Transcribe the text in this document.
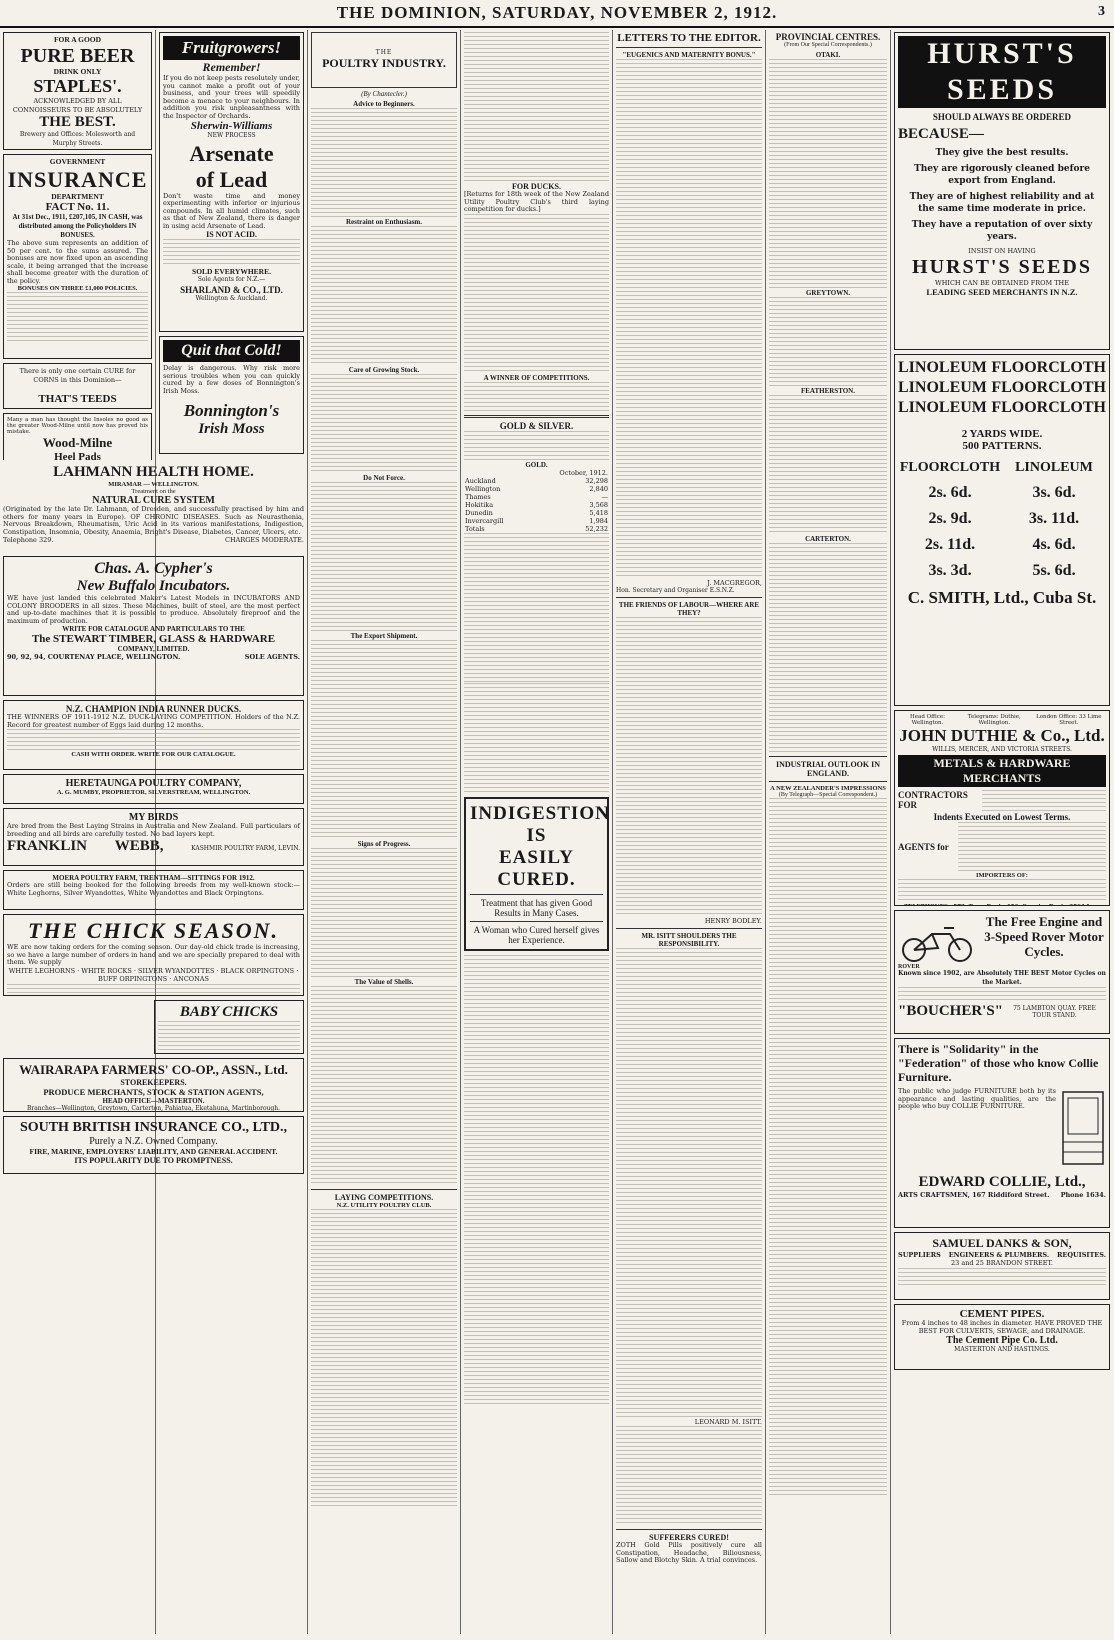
THE DOMINION, SATURDAY, NOVEMBER 2, 1912.	3
FOR A GOOD
PURE BEER
DRINK ONLY
STAPLES'.
ACKNOWLEDGED BY ALL CONNOISSEURS TO BE ABSOLUTELY
THE BEST.
Brewery and Offices: Molesworth and Murphy Streets.
GOVERNMENT
INSURANCE
DEPARTMENT
FACT No. 11.
At 31st Dec., 1911, £207,105, IN CASH, was distributed among the Policyholders IN BONUSES.
The above sum represents an addition of 50 per cent. to the sums assured. The bonuses are now fixed upon an ascending scale, it being arranged that the increase shall become greater with the duration of the policy.
BONUSES ON THREE £1,000 POLICIES.
There is only one certain CURE for CORNS in this Dominion—
THAT'S TEEDS
Many a man has thought the Insoles no good as the greater Wood-Milne until now has proved his mistake.
Wood-Milne
Heel Pads
Fruitgrowers!
Remember!
If you do not keep pests resolutely under, you cannot make a profit out of your business, and your trees will speedily become a menace to your neighbours. In addition you risk unpleasantness with the Inspector of Orchards.
Sherwin-Williams
NEW PROCESS
Arsenate
of Lead
Don't waste time and money experimenting with inferior or injurious compounds. In all humid climates, such as that of New Zealand, there is danger in using acid Arsenate of Lead.
IS NOT ACID.
SOLD EVERYWHERE.
Sole Agents for N.Z.—
SHARLAND & CO., LTD.
Wellington & Auckland.
Quit that Cold!
Delay is dangerous. Why risk more serious troubles when you can quickly cured by a few doses of Bonnington's Irish Moss.
Bonnington's
Irish Moss
LAHMANN HEALTH HOME.
MIRAMAR — WELLINGTON.
Treatment on the
NATURAL CURE SYSTEM
(Originated by the late Dr. Lahmann, of Dresden, and successfully practised by him and others for many years in Europe). OF CHRONIC DISEASES. Such as Neurasthenia, Nervous Breakdown, Rheumatism, Uric Acid in its various manifestations, Indigestion, Constipation, Insomnia, Obesity, Anaemia, Bright's Disease, Diabetes, Cancer, Ulcers, etc.
Telephone 329.	CHARGES MODERATE.
Chas. A. Cypher's
New Buffalo Incubators.
WE have just landed this celebrated Maker's Latest Models in INCUBATORS AND COLONY BROODERS in all sizes. These Machines, built of steel, are the most perfect and up-to-date machines that it is possible to produce. Absolutely fireproof and the maximum of production.
WRITE FOR CATALOGUE AND PARTICULARS TO THE
The STEWART TIMBER, GLASS & HARDWARE
COMPANY, LIMITED.
90, 92, 94, COURTENAY PLACE, WELLINGTON.	SOLE AGENTS.
N.Z. CHAMPION INDIA RUNNER DUCKS.
THE WINNERS OF 1911-1912 N.Z. DUCK-LAYING COMPETITION. Holders of the N.Z. Record for greatest number of Eggs laid during 12 months.
CASH WITH ORDER. WRITE FOR OUR CATALOGUE.
HERETAUNGA POULTRY COMPANY,
A. G. MUMBY, PROPRIETOR, SILVERSTREAM, WELLINGTON.
MY BIRDS
Are bred from the Best Laying Strains in Australia and New Zealand. Full particulars of breeding and all birds are carefully tested. No bad layers kept.
FRANKLIN WEBB,	KASHMIR POULTRY FARM, LEVIN.
MOERA POULTRY FARM, TRENTHAM—SITTINGS FOR 1912.
Orders are still being booked for the following breeds from my well-known stock:—White Leghorns, Silver Wyandottes, White Wyandottes and Black Orpingtons.
THE CHICK SEASON.
WE are now taking orders for the coming season. Our day-old chick trade is increasing, so we have a large number of orders in hand and we are specially prepared to deal with them. We supply
WHITE LEGHORNS · WHITE ROCKS · SILVER WYANDOTTES · BLACK ORPINGTONS · BUFF ORPINGTONS · ANCONAS
BABY CHICKS
WAIRARAPA FARMERS' CO-OP., ASSN., Ltd.
STOREKEEPERS.
PRODUCE MERCHANTS, STOCK & STATION AGENTS,
HEAD OFFICE—MASTERTON.
Branches—Wellington, Greytown, Carterton, Pahiatua, Eketahuna, Martinborough.
SOUTH BRITISH INSURANCE CO., LTD.,
Purely a N.Z. Owned Company.
FIRE, MARINE, EMPLOYERS' LIABILITY, AND GENERAL ACCIDENT.
ITS POPULARITY DUE TO PROMPTNESS.
THE
POULTRY INDUSTRY.
(By Chantecler.)
Advice to Beginners.
Restraint on Enthusiasm.
Care of Growing Stock.
Do Not Force.
The Export Shipment.
Signs of Progress.
The Value of Shells.
LAYING COMPETITIONS.
N.Z. UTILITY POULTRY CLUB.
FOR DUCKS.
[Returns for 18th week of the New Zealand Utility Poultry Club's third laying competition for ducks.]
A WINNER OF COMPETITIONS.
GOLD & SILVER.
GOLD.
	October, 1912.
Auckland	32,298
Wellington	2,840
Thames	—
Hokitika	3,568
Dunedin	5,418
Invercargill	1,984
Totals	52,232
INDIGESTION IS
EASILY CURED.
Treatment that has given Good Results in Many Cases.
A Woman who Cured herself gives her Experience.
LETTERS TO THE EDITOR.
"EUGENICS AND MATERNITY BONUS."
J. MACGREGOR,
Hon. Secretary and Organiser E.S.N.Z.
THE FRIENDS OF LABOUR—WHERE ARE THEY?
HENRY BODLEY.
MR. ISITT SHOULDERS THE RESPONSIBILITY.
LEONARD M. ISITT.
SUFFERERS CURED!
ZOTH Gold Pills positively cure all Constipation, Headache, Biliousness, Sallow and Blotchy Skin. A trial convinces.
PROVINCIAL CENTRES.
(From Our Special Correspondents.)
OTAKI.
GREYTOWN.
FEATHERSTON.
CARTERTON.
INDUSTRIAL OUTLOOK IN ENGLAND.
A NEW ZEALANDER'S IMPRESSIONS
(By Telegraph—Special Correspondent.)
HURST'S
SEEDS
SHOULD ALWAYS BE ORDERED
BECAUSE—
They give the best results.
They are rigorously cleaned before export from England.
They are of highest reliability and at the same time moderate in price.
They have a reputation of over sixty years.
INSIST ON HAVING
HURST'S SEEDS
WHICH CAN BE OBTAINED FROM THE
LEADING SEED MERCHANTS IN N.Z.
LINOLEUM FLOORCLOTH
LINOLEUM FLOORCLOTH
LINOLEUM FLOORCLOTH
2 YARDS WIDE.
500 PATTERNS.
FLOORCLOTH	LINOLEUM
2s. 6d.	3s. 6d.
2s. 9d.	3s. 11d.
2s. 11d.	4s. 6d.
3s. 3d.	5s. 6d.
C. SMITH, Ltd., Cuba St.
Head Office: Wellington.
Telegrams: Duthie, Wellington.
London Office: 33 Lime Street.
JOHN DUTHIE & Co., Ltd.
WILLIS, MERCER, AND VICTORIA STREETS.
METALS & HARDWARE MERCHANTS
CONTRACTORS FOR
Indents Executed on Lowest Terms.
AGENTS for
IMPORTERS OF:
The Free Engine and 3-Speed Rover Motor Cycles.
ROVER
Known since 1902, are Absolutely THE BEST Motor Cycles on the Market.
"BOUCHER'S"	75 LAMBTON QUAY. FREE TOUR STAND.
There is "Solidarity" in the "Federation" of those who know Collie Furniture.
The public who judge FURNITURE both by its appearance and lasting qualities, are the people who buy COLLIE FURNITURE.
EDWARD COLLIE, Ltd.,
ARTS CRAFTSMEN, 167 Riddiford Street. Phone 1634.
SAMUEL DANKS & SON,
SUPPLIERS ENGINEERS & PLUMBERS. REQUISITES.
23 and 25 BRANDON STREET.
CEMENT PIPES.
From 4 inches to 48 inches in diameter. HAVE PROVED THE BEST FOR CULVERTS, SEWAGE, and DRAINAGE.
The Cement Pipe Co. Ltd.
MASTERTON AND HASTINGS.
